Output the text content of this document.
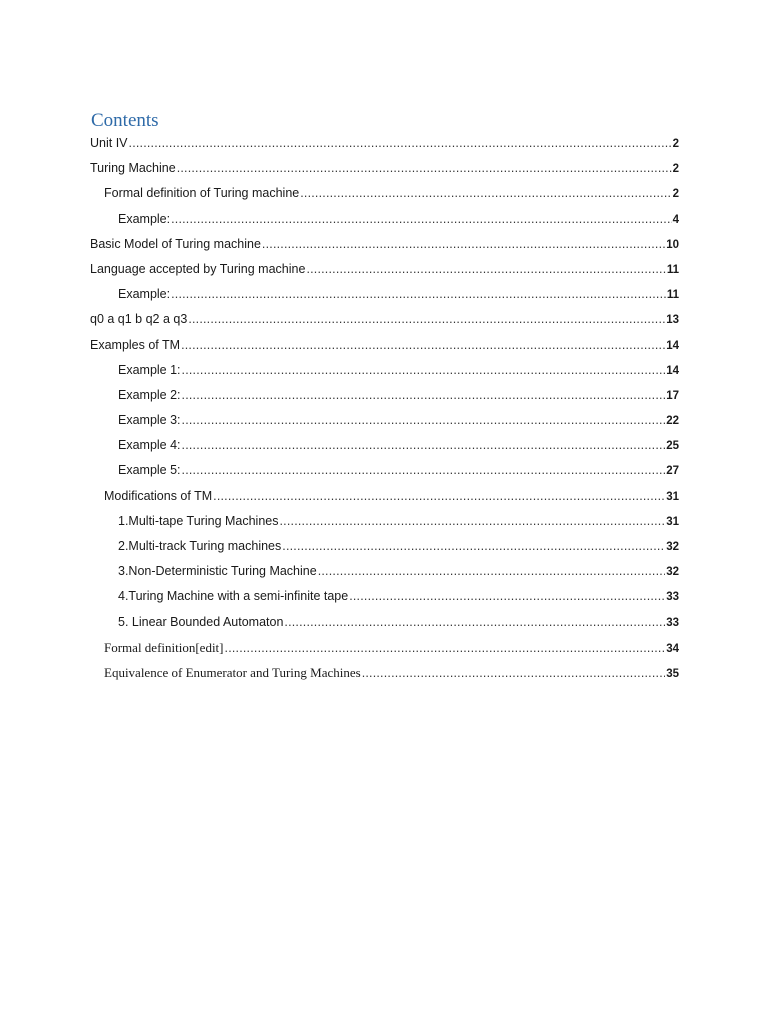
Contents
Unit IV .....	2
Turing Machine .....	2
Formal definition of Turing machine .....	2
Example: .....	4
Basic Model of Turing machine .....	10
Language accepted by Turing machine .....	11
Example: .....	11
q0 a q1 b q2 a q3 .....	13
Examples of TM .....	14
Example 1: .....	14
Example 2: .....	17
Example 3: .....	22
Example 4: .....	25
Example 5: .....	27
Modifications of TM .....	31
1.Multi-tape Turing Machines .....	31
2.Multi-track Turing machines .....	32
3.Non-Deterministic Turing Machine .....	32
4.Turing Machine with a semi-infinite tape .....	33
5. Linear Bounded Automaton .....	33
Formal definition[edit] .....	34
Equivalence of Enumerator and Turing Machines .....	35
